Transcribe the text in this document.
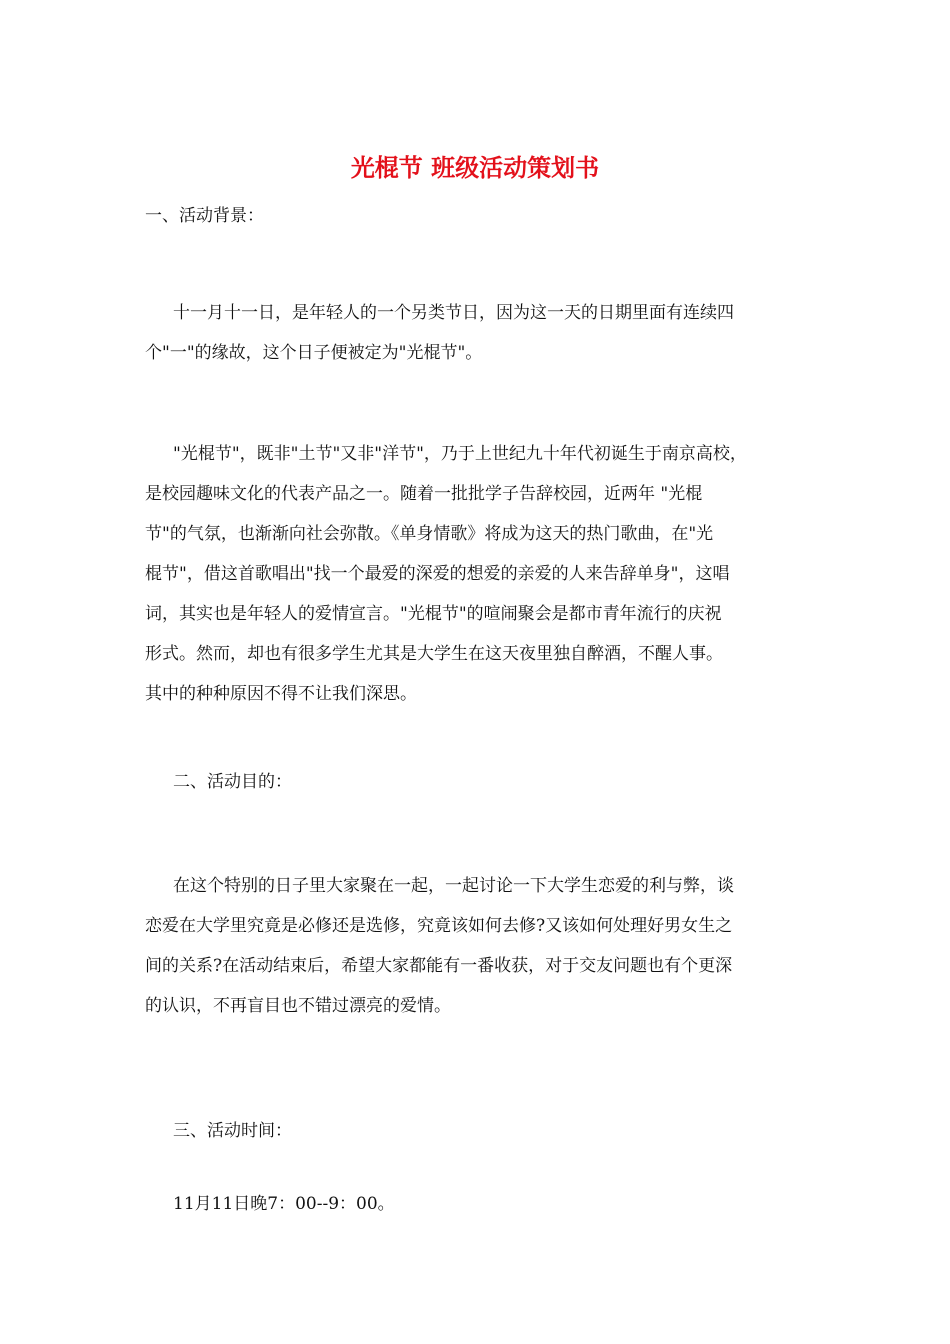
光棍节 班级活动策划书
一、活动背景：
十一月十一日，是年轻人的一个另类节日，因为这一天的日期里面有连续四
个"一"的缘故，这个日子便被定为"光棍节"。
"光棍节"，既非"土节"又非"洋节"，乃于上世纪九十年代初诞生于南京高校，
是校园趣味文化的代表产品之一。随着一批批学子告辞校园，近两年 "光棍
节"的气氛，也渐渐向社会弥散。《单身情歌》将成为这天的热门歌曲，在"光
棍节"，借这首歌唱出"找一个最爱的深爱的想爱的亲爱的人来告辞单身"，这唱
词，其实也是年轻人的爱情宣言。"光棍节"的喧闹聚会是都市青年流行的庆祝
形式。然而，却也有很多学生尤其是大学生在这天夜里独自醉酒，不醒人事。
其中的种种原因不得不让我们深思。
二、活动目的：
在这个特别的日子里大家聚在一起，一起讨论一下大学生恋爱的利与弊，谈
恋爱在大学里究竟是必修还是选修，究竟该如何去修?又该如何处理好男女生之
间的关系?在活动结束后，希望大家都能有一番收获，对于交友问题也有个更深
的认识，不再盲目也不错过漂亮的爱情。
三、活动时间：
11月11日晚7：00--9：00。
